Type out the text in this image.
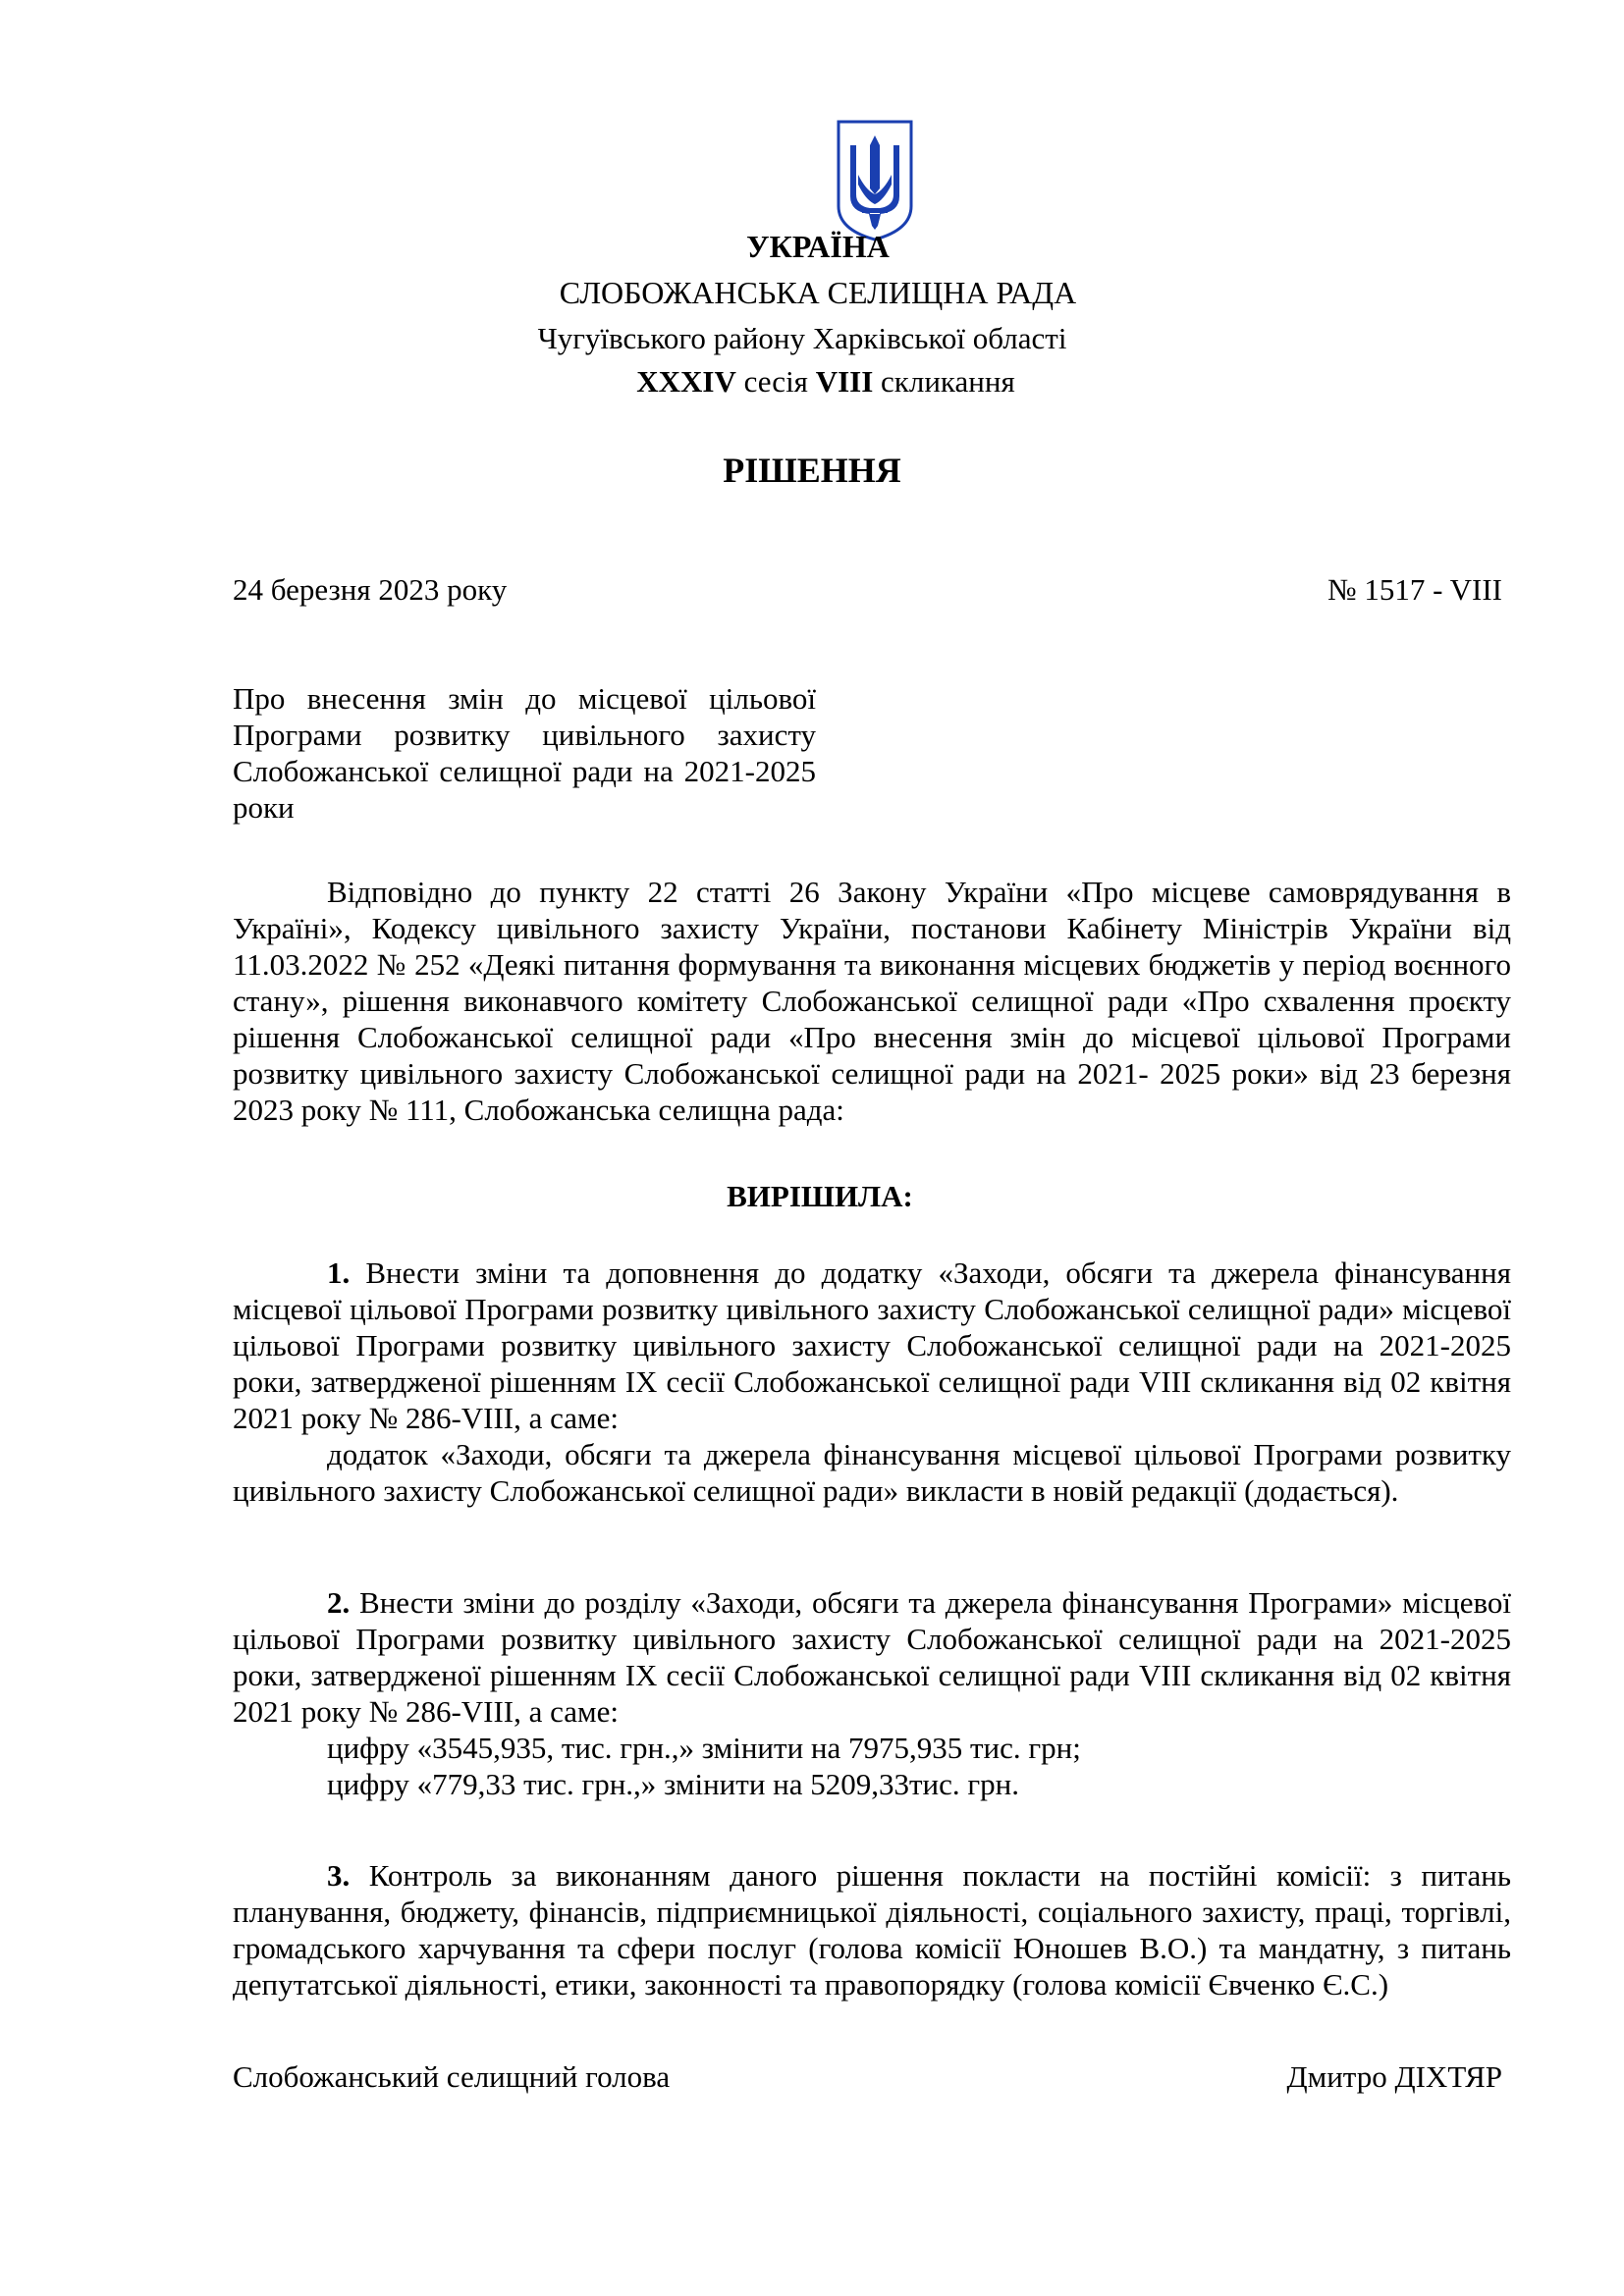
УКРАЇНА
СЛОБОЖАНСЬКА СЕЛИЩНА РАДА
Чугуївського району Харківської області
XXXIV сесія VIII скликання
РІШЕННЯ
24 березня 2023 року	№ 1517 - VIII
Про внесення змін до місцевої цільової Програми розвитку цивільного захисту Слобожанської селищної ради на 2021-2025 роки

Відповідно до пункту 22 статті 26 Закону України «Про місцеве самоврядування в Україні», Кодексу цивільного захисту України, постанови Кабінету Міністрів України від 11.03.2022 № 252 «Деякі питання формування та виконання місцевих бюджетів у період воєнного стану», рішення виконавчого комітету Слобожанської селищної ради «Про схвалення проєкту рішення Слобожанської селищної ради «Про внесення змін до місцевої цільової Програми розвитку цивільного захисту Слобожанської селищної ради на 2021- 2025 роки» від 23 березня 2023 року № 111, Слобожанська селищна рада:

ВИРІШИЛА:

1. Внести зміни та доповнення до додатку «Заходи, обсяги та джерела фінансування місцевої цільової Програми розвитку цивільного захисту Слобожанської селищної ради» місцевої цільової Програми розвитку цивільного захисту Слобожанської селищної ради на 2021-2025 роки, затвердженої рішенням IX сесії Слобожанської селищної ради VIII скликання від 02 квітня 2021 року № 286-VIII, а саме:

додаток «Заходи, обсяги та джерела фінансування місцевої цільової Програми розвитку цивільного захисту Слобожанської селищної ради» викласти в новій редакції (додається).

2. Внести зміни до розділу «Заходи, обсяги та джерела фінансування Програми» місцевої цільової Програми розвитку цивільного захисту Слобожанської селищної ради на 2021-2025 роки, затвердженої рішенням IX сесії Слобожанської селищної ради VIII скликання від 02 квітня 2021 року № 286-VIII, а саме:

цифру «3545,935, тис. грн.,» змінити на 7975,935 тис. грн;

цифру «779,33 тис. грн.,» змінити на 5209,33тис. грн.

3. Контроль за виконанням даного рішення покласти на постійні комісії: з питань планування, бюджету, фінансів, підприємницької діяльності, соціального захисту, праці, торгівлі, громадського харчування та сфери послуг (голова комісії Юношев В.О.) та мандатну, з питань депутатської діяльності, етики, законності та правопорядку (голова комісії Євченко Є.С.)

Слобожанський селищний голова	Дмитро ДІХТЯР
